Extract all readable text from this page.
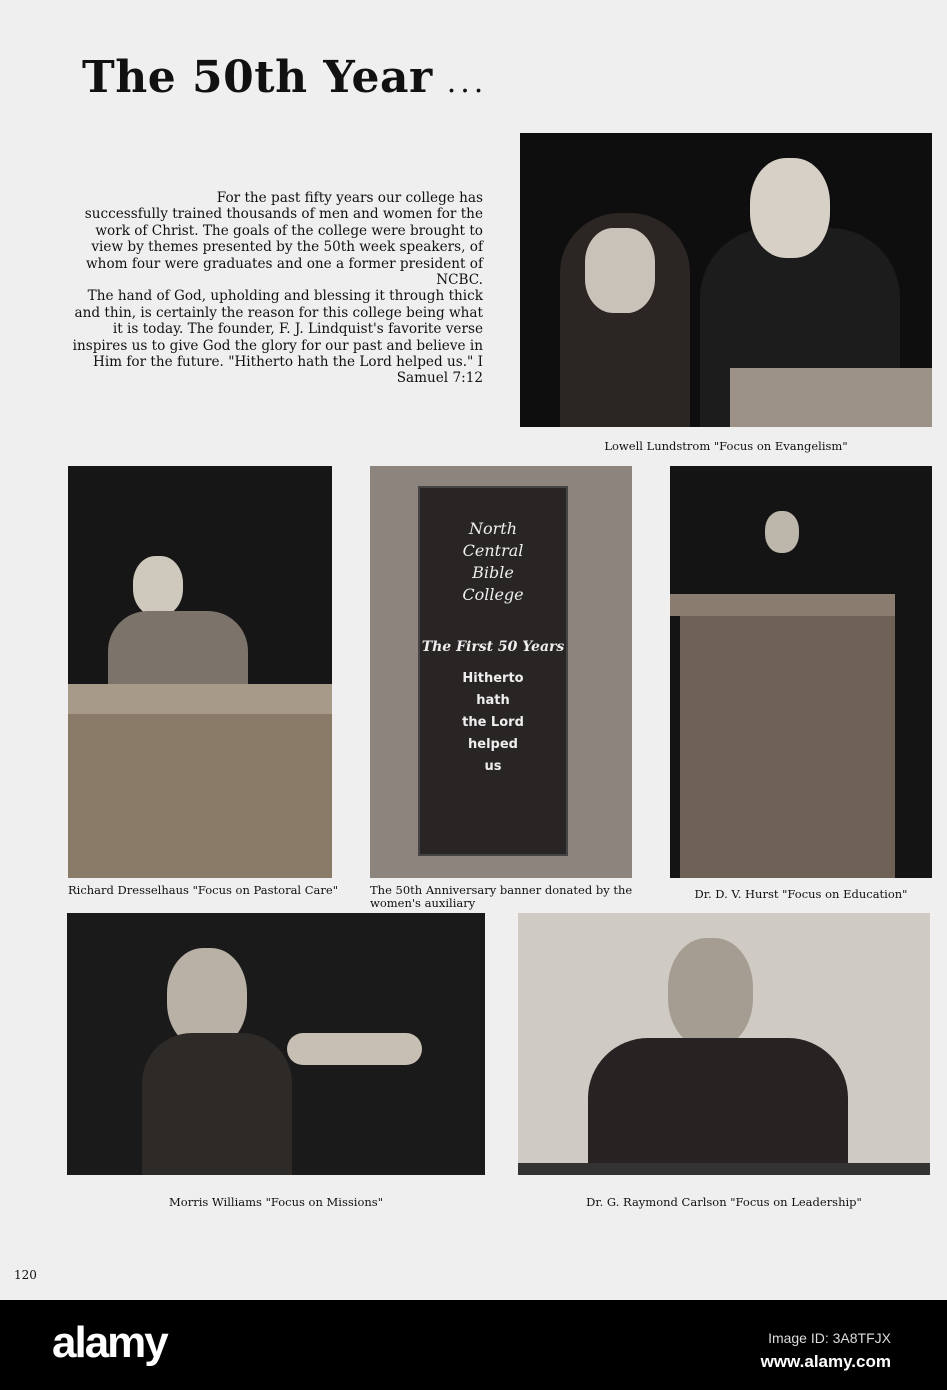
The 50th Year ...
For the past fifty years our college has successfully trained thousands of men and women for the work of Christ. The goals of the college were brought to view by themes presented by the 50th week speakers, of whom four were graduates and one a former president of NCBC.
The hand of God, upholding and blessing it through thick and thin, is certainly the reason for this college being what it is today. The founder, F. J. Lindquist's favorite verse inspires us to give God the glory for our past and believe in Him for the future. "Hitherto hath the Lord helped us." I Samuel 7:12
Lowell Lundstrom "Focus on Evangelism"
Richard Dresselhaus "Focus on Pastoral Care"
North
Central
Bible
College
The First 50 Years
Hitherto
hath
the Lord
helped
us
The 50th Anniversary banner donated by the women's auxiliary
Dr. D. V. Hurst "Focus on Education"
Morris Williams "Focus on Missions"	Dr. G. Raymond Carlson "Focus on Leadership"
120
alamy	Image ID: 3A8TFJX
www.alamy.com
